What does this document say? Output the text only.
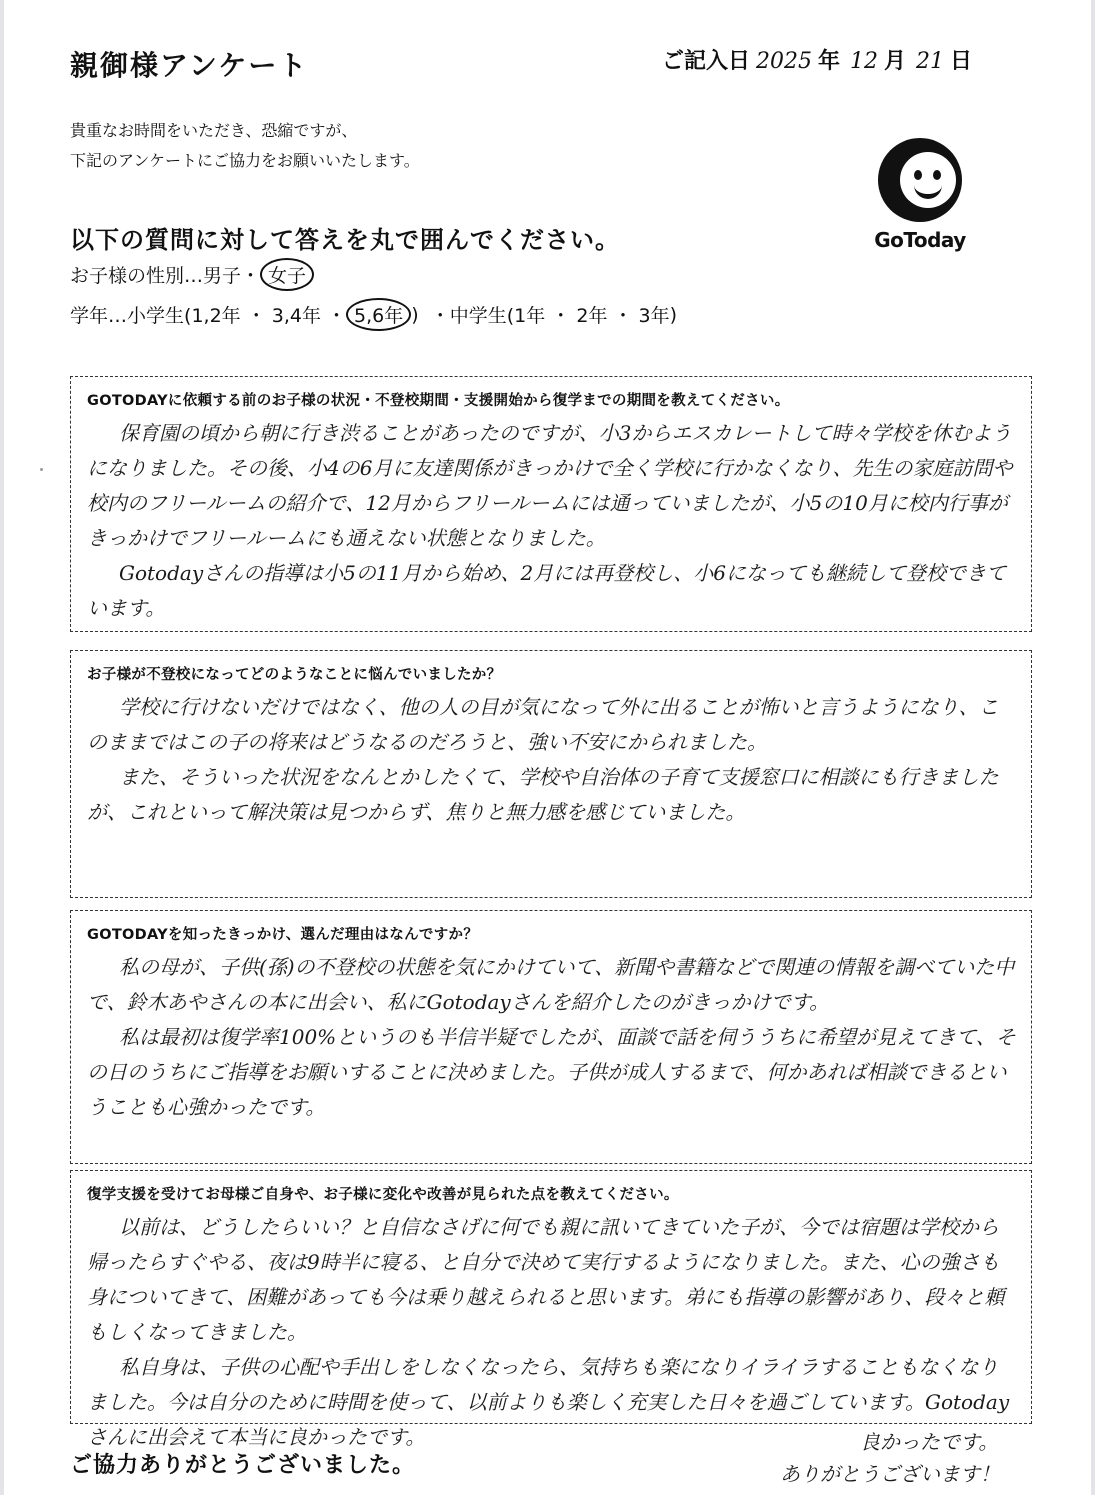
親御様アンケート	ご記入日 2025 年 12 月 21 日
貴重なお時間をいただき、恐縮ですが、
下記のアンケートにご協力をお願いいたします。
GoToday
以下の質問に対して答えを丸で囲んでください。
お子様の性別… 男子 ・ 女子
学年… 小学生( 1,2年 ・ 3,4年 ・ 5,6年 )
・中学生( 1年 ・ 2年 ・ 3年 )
GOTODAYに依頼する前のお子様の状況・不登校期間・支援開始から復学までの期間を教えてください。

保育園の頃から朝に行き渋ることがあったのですが、小3からエスカレートして時々学校を休むようになりました。その後、小4の6月に友達関係がきっかけで全く学校に行かなくなり、先生の家庭訪問や校内のフリールームの紹介で、12月からフリールームには通っていましたが、小5の10月に校内行事がきっかけでフリールームにも通えない状態となりました。

Gotodayさんの指導は小5の11月から始め、2月には再登校し、小6になっても継続して登校できています。

お子様が不登校になってどのようなことに悩んでいましたか？

学校に行けないだけではなく、他の人の目が気になって外に出ることが怖いと言うようになり、このままではこの子の将来はどうなるのだろうと、強い不安にかられました。

また、そういった状況をなんとかしたくて、学校や自治体の子育て支援窓口に相談にも行きましたが、これといって解決策は見つからず、焦りと無力感を感じていました。

GOTODAYを知ったきっかけ、選んだ理由はなんですか？

私の母が、子供(孫)の不登校の状態を気にかけていて、新聞や書籍などで関連の情報を調べていた中で、鈴木あやさんの本に出会い、私にGotodayさんを紹介したのがきっかけです。

私は最初は復学率100%というのも半信半疑でしたが、面談で話を伺ううちに希望が見えてきて、その日のうちにご指導をお願いすることに決めました。子供が成人するまで、何かあれば相談できるということも心強かったです。

復学支援を受けてお母様ご自身や、お子様に変化や改善が見られた点を教えてください。

以前は、どうしたらいい？と自信なさげに何でも親に訊いてきていた子が、今では宿題は学校から帰ったらすぐやる、夜は9時半に寝る、と自分で決めて実行するようになりました。また、心の強さも身についてきて、困難があっても今は乗り越えられると思います。弟にも指導の影響があり、段々と頼もしくなってきました。

私自身は、子供の心配や手出しをしなくなったら、気持ちも楽になりイライラすることもなくなりました。今は自分のために時間を使って、以前よりも楽しく充実した日々を過ごしています。Gotodayさんに出会えて本当に良かったです。

ご協力ありがとうございました。
良かったです。
ありがとうございます！
